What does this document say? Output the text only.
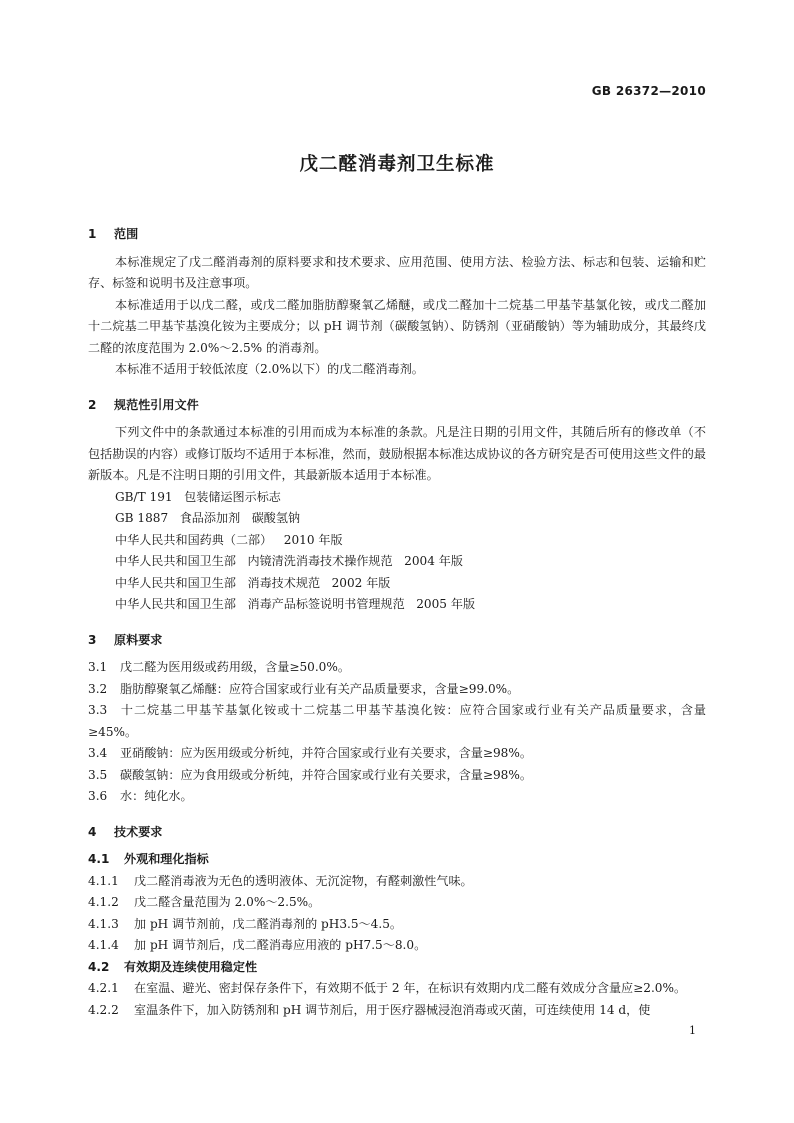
GB 26372—2010
戊二醛消毒剂卫生标准
1 范围

本标准规定了戊二醛消毒剂的原料要求和技术要求、应用范围、使用方法、检验方法、标志和包装、运输和贮存、标签和说明书及注意事项。

本标准适用于以戊二醛，或戊二醛加脂肪醇聚氧乙烯醚，或戊二醛加十二烷基二甲基苄基氯化铵，或戊二醛加十二烷基二甲基苄基溴化铵为主要成分；以 pH 调节剂（碳酸氢钠）、防锈剂（亚硝酸钠）等为辅助成分，其最终戊二醛的浓度范围为 2.0%～2.5% 的消毒剂。

本标准不适用于较低浓度（2.0%以下）的戊二醛消毒剂。

2 规范性引用文件

下列文件中的条款通过本标准的引用而成为本标准的条款。凡是注日期的引用文件，其随后所有的修改单（不包括勘误的内容）或修订版均不适用于本标准，然而，鼓励根据本标准达成协议的各方研究是否可使用这些文件的最新版本。凡是不注明日期的引用文件，其最新版本适用于本标准。

GB/T 191   包装储运图示标志

GB 1887   食品添加剂   碳酸氢钠

中华人民共和国药典（二部）   2010 年版

中华人民共和国卫生部   内镜清洗消毒技术操作规范   2004 年版

中华人民共和国卫生部   消毒技术规范   2002 年版

中华人民共和国卫生部   消毒产品标签说明书管理规范   2005 年版

3 原料要求

3.1 戊二醛为医用级或药用级，含量≥50.0%。

3.2 脂肪醇聚氧乙烯醚：应符合国家或行业有关产品质量要求，含量≥99.0%。

3.3 十二烷基二甲基苄基氯化铵或十二烷基二甲基苄基溴化铵：应符合国家或行业有关产品质量要求，含量≥45%。

3.4 亚硝酸钠：应为医用级或分析纯，并符合国家或行业有关要求，含量≥98%。

3.5 碳酸氢钠：应为食用级或分析纯，并符合国家或行业有关要求，含量≥98%。

3.6 水：纯化水。

4 技术要求
4.1 外观和理化指标

4.1.1 戊二醛消毒液为无色的透明液体、无沉淀物，有醛刺激性气味。

4.1.2 戊二醛含量范围为 2.0%～2.5%。

4.1.3 加 pH 调节剂前，戊二醛消毒剂的 pH3.5～4.5。

4.1.4 加 pH 调节剂后，戊二醛消毒应用液的 pH7.5～8.0。

4.2 有效期及连续使用稳定性

4.2.1 在室温、避光、密封保存条件下，有效期不低于 2 年，在标识有效期内戊二醛有效成分含量应≥2.0%。

4.2.2 室温条件下，加入防锈剂和 pH 调节剂后，用于医疗器械浸泡消毒或灭菌，可连续使用 14 d，使

1
